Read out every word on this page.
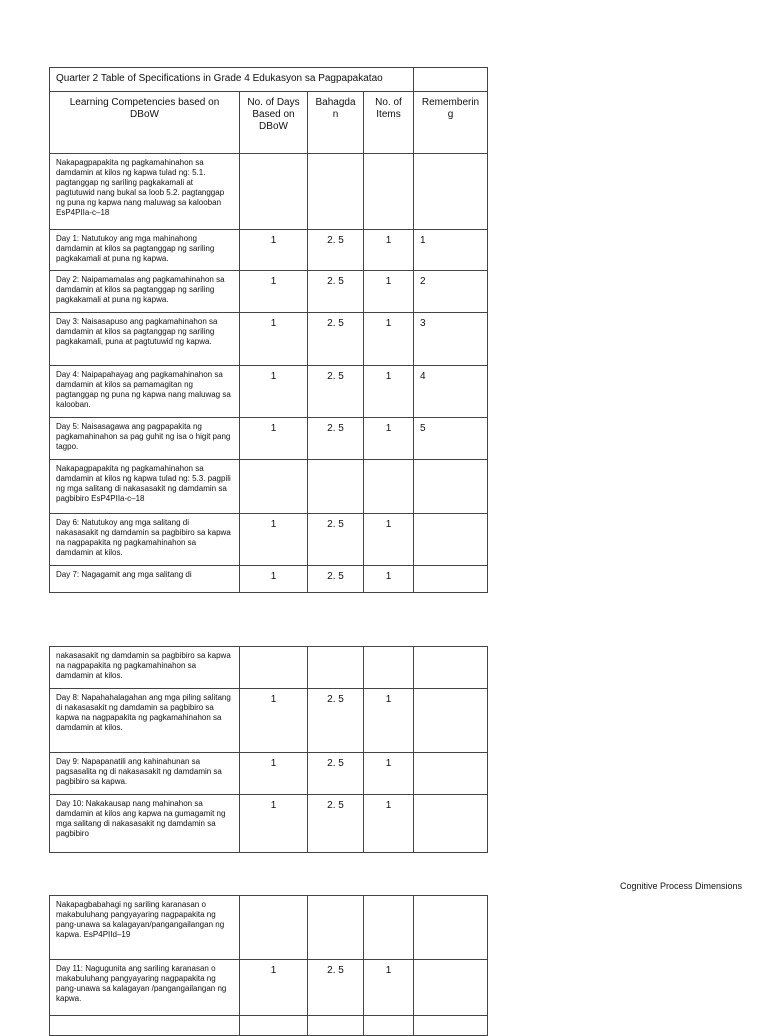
Quarter 2 Table of Specifications in Grade 4 Edukasyon sa Pagpapakatao				
Learning Competencies based on DBoW	No. of Days Based on DBoW	Bahagdan	No. of Items	Remembering
Nakapagpapakita ng pagkamahinahon sa damdamin at kilos ng kapwa tulad ng: 5.1. pagtanggap ng sariling pagkakamali at pagtutuwid nang bukal sa loob 5.2. pagtanggap ng puna ng kapwa nang maluwag sa kalooban EsP4PIIa-c–18				
Day 1: Natutukoy ang mga mahinahong damdamin at kilos sa pagtanggap ng sariling pagkakamali at puna ng kapwa.	1	2. 5	1	1
Day 2: Naipamamalas ang pagkamahinahon sa damdamin at kilos sa pagtanggap ng sariling pagkakamali at puna ng kapwa.	1	2. 5	1	2
Day 3: Naisasapuso ang pagkamahinahon sa damdamin at kilos sa pagtanggap ng sariling pagkakamali, puna at pagtutuwid ng kapwa.	1	2. 5	1	3
Day 4: Naipapahayag ang pagkamahinahon sa damdamin at kilos sa pamamagitan ng pagtanggap ng puna ng kapwa nang maluwag sa kalooban.	1	2. 5	1	4
Day 5: Naisasagawa ang pagpapakita ng pagkamahinahon sa pag guhit ng isa o higit pang tagpo.	1	2. 5	1	5
Nakapagpapakita ng pagkamahinahon sa damdamin at kilos ng kapwa tulad ng: 5.3. pagpili ng mga salitang di nakasasakit ng damdamin sa pagbibiro EsP4PIIa-c–18				
Day 6: Natutukoy ang mga salitang di nakasasakit ng damdamin sa pagbibiro sa kapwa na nagpapakita ng pagkamahinahon sa damdamin at kilos.	1	2. 5	1	
Day 7: Nagagamit ang mga salitang di	1	2. 5	1	
nakasasakit ng damdamin sa pagbibiro sa kapwa na nagpapakita ng pagkamahinahon sa damdamin at kilos.				
Day 8: Napahahalagahan ang mga piling salitang di nakasasakit ng damdamin sa pagbibiro sa kapwa na nagpapakita ng pagkamahinahon sa damdamin at kilos.	1	2. 5	1	
Day 9: Napapanatili ang kahinahunan sa pagsasalita ng di nakasasakit ng damdamin sa pagbibiro sa kapwa.	1	2. 5	1	
Day 10: Nakakausap nang mahinahon sa damdamin at kilos ang kapwa na gumagamit ng mga salitang di nakasasakit ng damdamin sa pagbibiro	1	2. 5	1	
Cognitive Process Dimensions
Nakapagbabahagi ng sariling karanasan o makabuluhang pangyayaring nagpapakita ng pang-unawa sa kalagayan/pangangailangan ng kapwa. EsP4PIId–19				
Day 11: Nagugunita ang sariling karanasan o makabuluhang pangyayaring nagpapakita ng pang-unawa sa kalagayan /pangangailangan ng kapwa.	1	2. 5	1	
